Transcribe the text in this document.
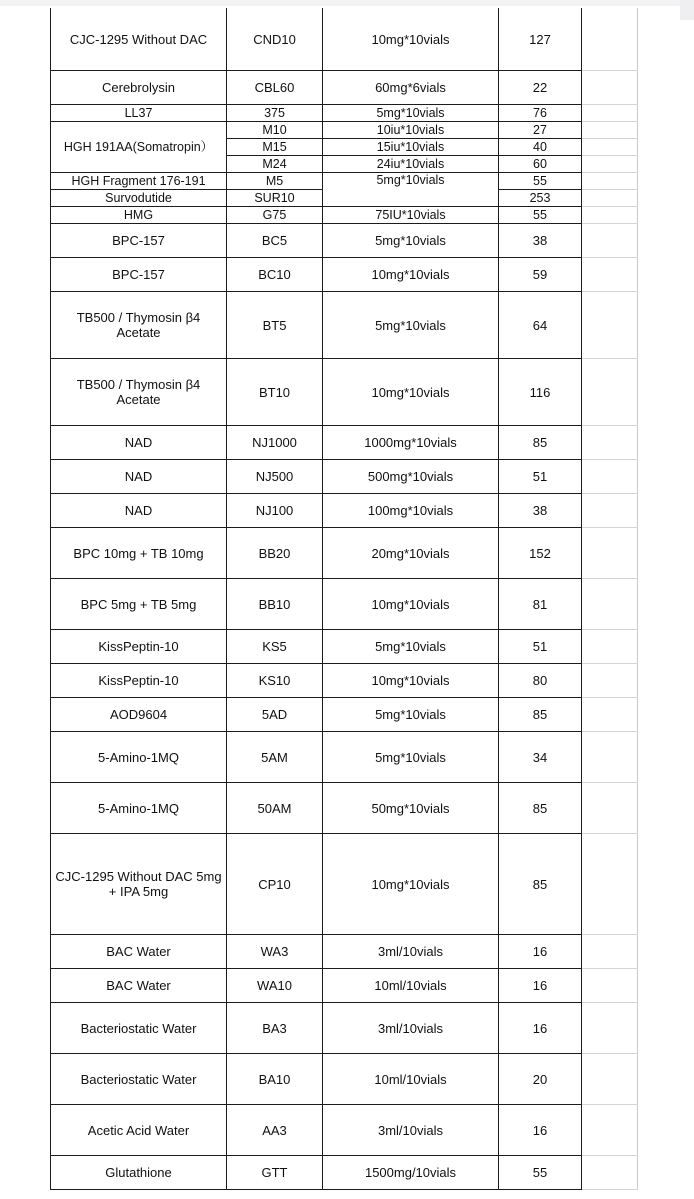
CJC-1295 Without DAC	CND10	10mg*10vials	127	
Cerebrolysin	CBL60	60mg*6vials	22	
LL37	375	5mg*10vials	76	
HGH 191AA(Somatropin）	M10	10iu*10vials	27	
	M15	15iu*10vials	40	
	M24	24iu*10vials	60	
HGH Fragment 176-191	M5	5mg*10vials	55	
Survodutide	SUR10		253	
HMG	G75	75IU*10vials	55	
BPC-157	BC5	5mg*10vials	38	
BPC-157	BC10	10mg*10vials	59	
TB500 / Thymosin β4
Acetate	BT5	5mg*10vials	64	
TB500 / Thymosin β4
Acetate	BT10	10mg*10vials	116	
NAD	NJ1000	1000mg*10vials	85	
NAD	NJ500	500mg*10vials	51	
NAD	NJ100	100mg*10vials	38	
BPC 10mg + TB 10mg	BB20	20mg*10vials	152	
BPC 5mg + TB 5mg	BB10	10mg*10vials	81	
KissPeptin-10	KS5	5mg*10vials	51	
KissPeptin-10	KS10	10mg*10vials	80	
AOD9604	5AD	5mg*10vials	85	
5-Amino-1MQ	5AM	5mg*10vials	34	
5-Amino-1MQ	50AM	50mg*10vials	85	
CJC-1295 Without DAC 5mg
+ IPA 5mg	CP10	10mg*10vials	85	
BAC Water	WA3	3ml/10vials	16	
BAC Water	WA10	10ml/10vials	16	
Bacteriostatic Water	BA3	3ml/10vials	16	
Bacteriostatic Water	BA10	10ml/10vials	20	
Acetic Acid Water	AA3	3ml/10vials	16	
Glutathione	GTT	1500mg/10vials	55	
